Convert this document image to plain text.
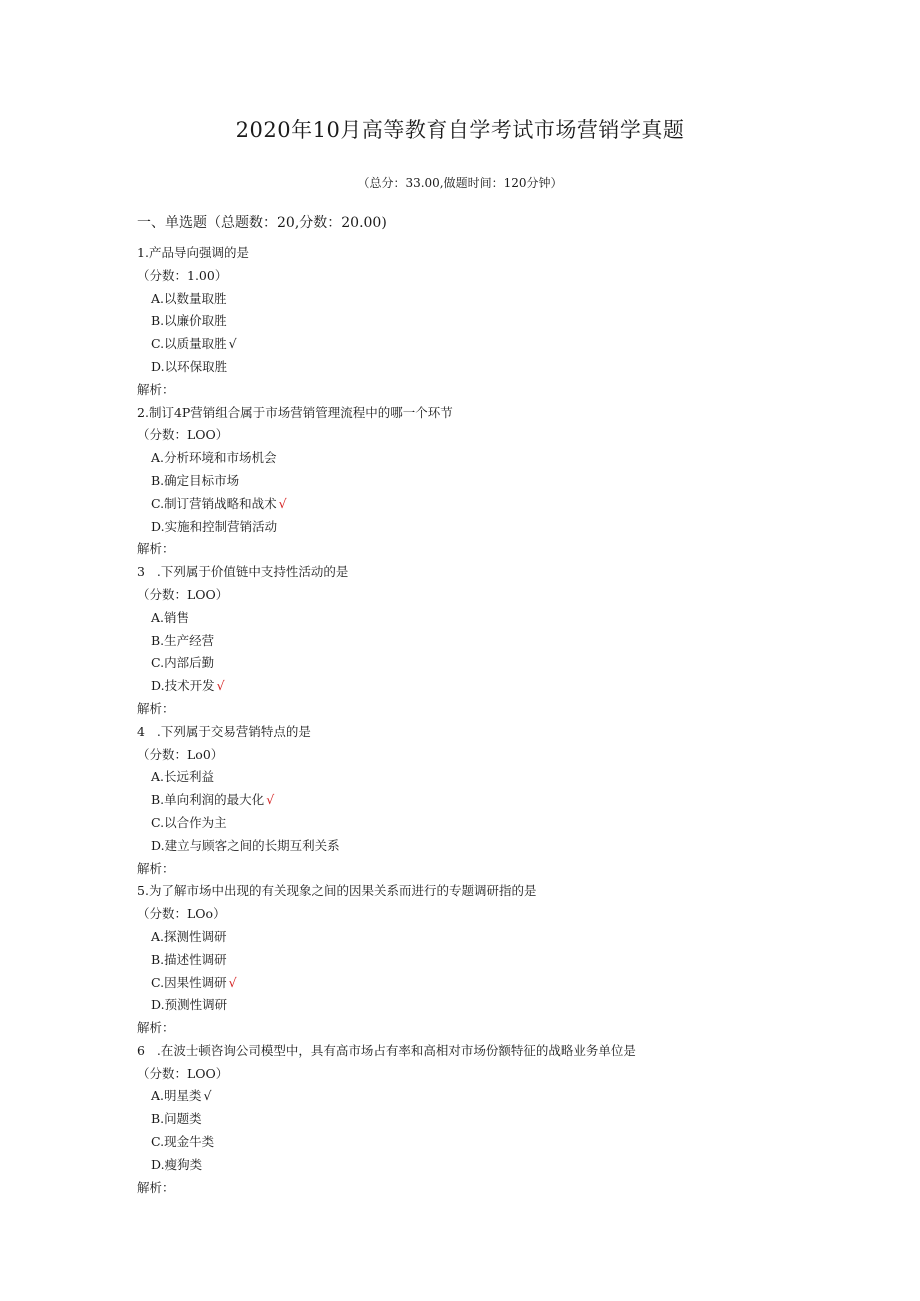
2020年10月高等教育自学考试市场营销学真题
（总分：33.00,做题时间：120分钟）
一、单选题（总题数：20,分数：20.00)
1.产品导向强调的是
（分数：1.00）
A.以数量取胜
B.以廉价取胜
C.以质量取胜 √
D.以环保取胜
解析：
2.制订4P营销组合属于市场营销管理流程中的哪一个环节
（分数：LOO）
A.分析环境和市场机会
B.确定目标市场
C.制订营销战略和战术 √
D.实施和控制营销活动
解析：
3   .下列属于价值链中支持性活动的是
（分数：LOO）
A.销售
B.生产经营
C.内部后勤
D.技术开发 √
解析：
4   .下列属于交易营销特点的是
（分数：Lo0）
A.长远利益
B.单向利润的最大化 √
C.以合作为主
D.建立与顾客之间的长期互利关系
解析：
5.为了解市场中出现的有关现象之间的因果关系而进行的专题调研指的是
（分数：LOo）
A.探测性调研
B.描述性调研
C.因果性调研 √
D.预测性调研
解析：
6   .在波士顿咨询公司模型中，具有高市场占有率和高相对市场份额特征的战略业务单位是
（分数：LOO）
A.明星类 √
B.问题类
C.现金牛类
D.瘦狗类
解析：
